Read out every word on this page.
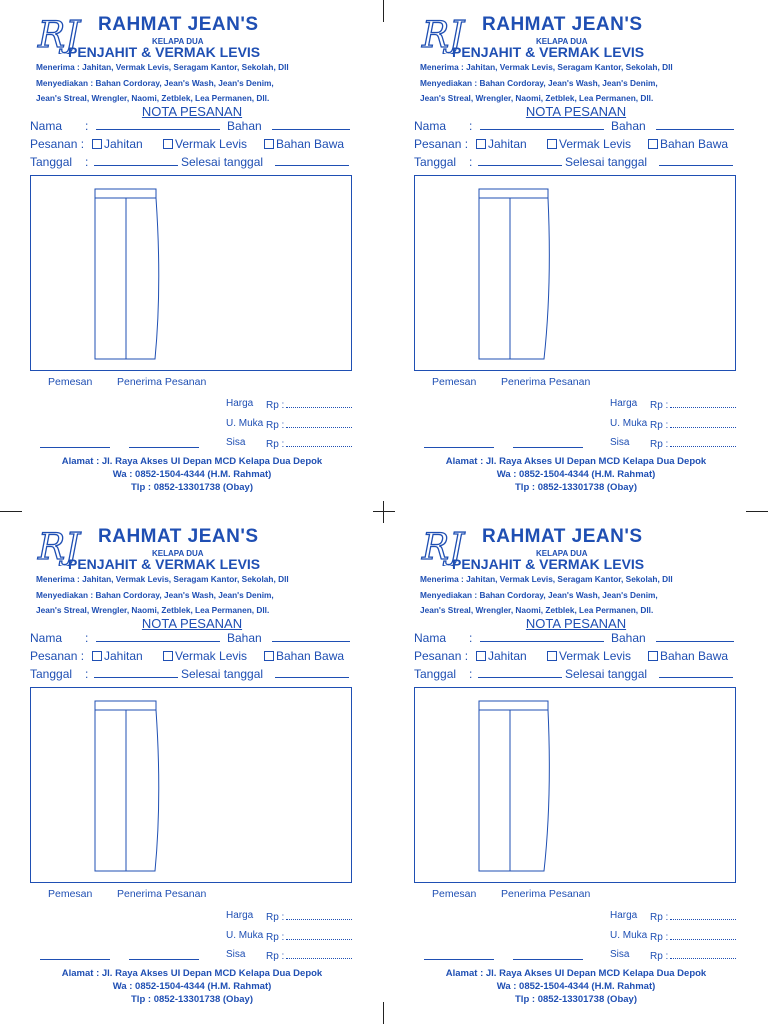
RJ RAHMAT JEAN'S
KELAPA DUA
PENJAHIT & VERMAK LEVIS
Menerima : Jahitan, Vermak Levis, Seragam Kantor, Sekolah, Dll
Menyediakan : Bahan Cordoray, Jean's Wash, Jean's Denim,
Jean's Streal, Wrengler, Naomi, Zetblek, Lea Permanen, Dll.
NOTA PESANAN
Nama :	Bahan
Pesanan :	Jahitan	Vermak Levis	Bahan Bawa
Tanggal :	Selesai tanggal
Pemesan Penerima Pesanan
Harga Rp :
U. Muka Rp :
Sisa Rp :
Alamat : Jl. Raya Akses UI Depan MCD Kelapa Dua Depok
Wa : 0852-1504-4344 (H.M. Rahmat)
Tlp : 0852-13301738 (Obay)
RJ RAHMAT JEAN'S
KELAPA DUA
PENJAHIT & VERMAK LEVIS
Menerima : Jahitan, Vermak Levis, Seragam Kantor, Sekolah, Dll
Menyediakan : Bahan Cordoray, Jean's Wash, Jean's Denim,
Jean's Streal, Wrengler, Naomi, Zetblek, Lea Permanen, Dll.
NOTA PESANAN
Nama :	Bahan
Pesanan :	Jahitan	Vermak Levis	Bahan Bawa
Tanggal :	Selesai tanggal
Pemesan Penerima Pesanan
Harga Rp :
U. Muka Rp :
Sisa Rp :
Alamat : Jl. Raya Akses UI Depan MCD Kelapa Dua Depok
Wa : 0852-1504-4344 (H.M. Rahmat)
Tlp : 0852-13301738 (Obay)
RJ RAHMAT JEAN'S
KELAPA DUA
PENJAHIT & VERMAK LEVIS
Menerima : Jahitan, Vermak Levis, Seragam Kantor, Sekolah, Dll
Menyediakan : Bahan Cordoray, Jean's Wash, Jean's Denim,
Jean's Streal, Wrengler, Naomi, Zetblek, Lea Permanen, Dll.
NOTA PESANAN
Nama :	Bahan
Pesanan :	Jahitan	Vermak Levis	Bahan Bawa
Tanggal :	Selesai tanggal
Pemesan Penerima Pesanan
Harga Rp :
U. Muka Rp :
Sisa Rp :
Alamat : Jl. Raya Akses UI Depan MCD Kelapa Dua Depok
Wa : 0852-1504-4344 (H.M. Rahmat)
Tlp : 0852-13301738 (Obay)
RJ RAHMAT JEAN'S
KELAPA DUA
PENJAHIT & VERMAK LEVIS
Menerima : Jahitan, Vermak Levis, Seragam Kantor, Sekolah, Dll
Menyediakan : Bahan Cordoray, Jean's Wash, Jean's Denim,
Jean's Streal, Wrengler, Naomi, Zetblek, Lea Permanen, Dll.
NOTA PESANAN
Nama :	Bahan
Pesanan :	Jahitan	Vermak Levis	Bahan Bawa
Tanggal :	Selesai tanggal
Pemesan Penerima Pesanan
Harga Rp :
U. Muka Rp :
Sisa Rp :
Alamat : Jl. Raya Akses UI Depan MCD Kelapa Dua Depok
Wa : 0852-1504-4344 (H.M. Rahmat)
Tlp : 0852-13301738 (Obay)
